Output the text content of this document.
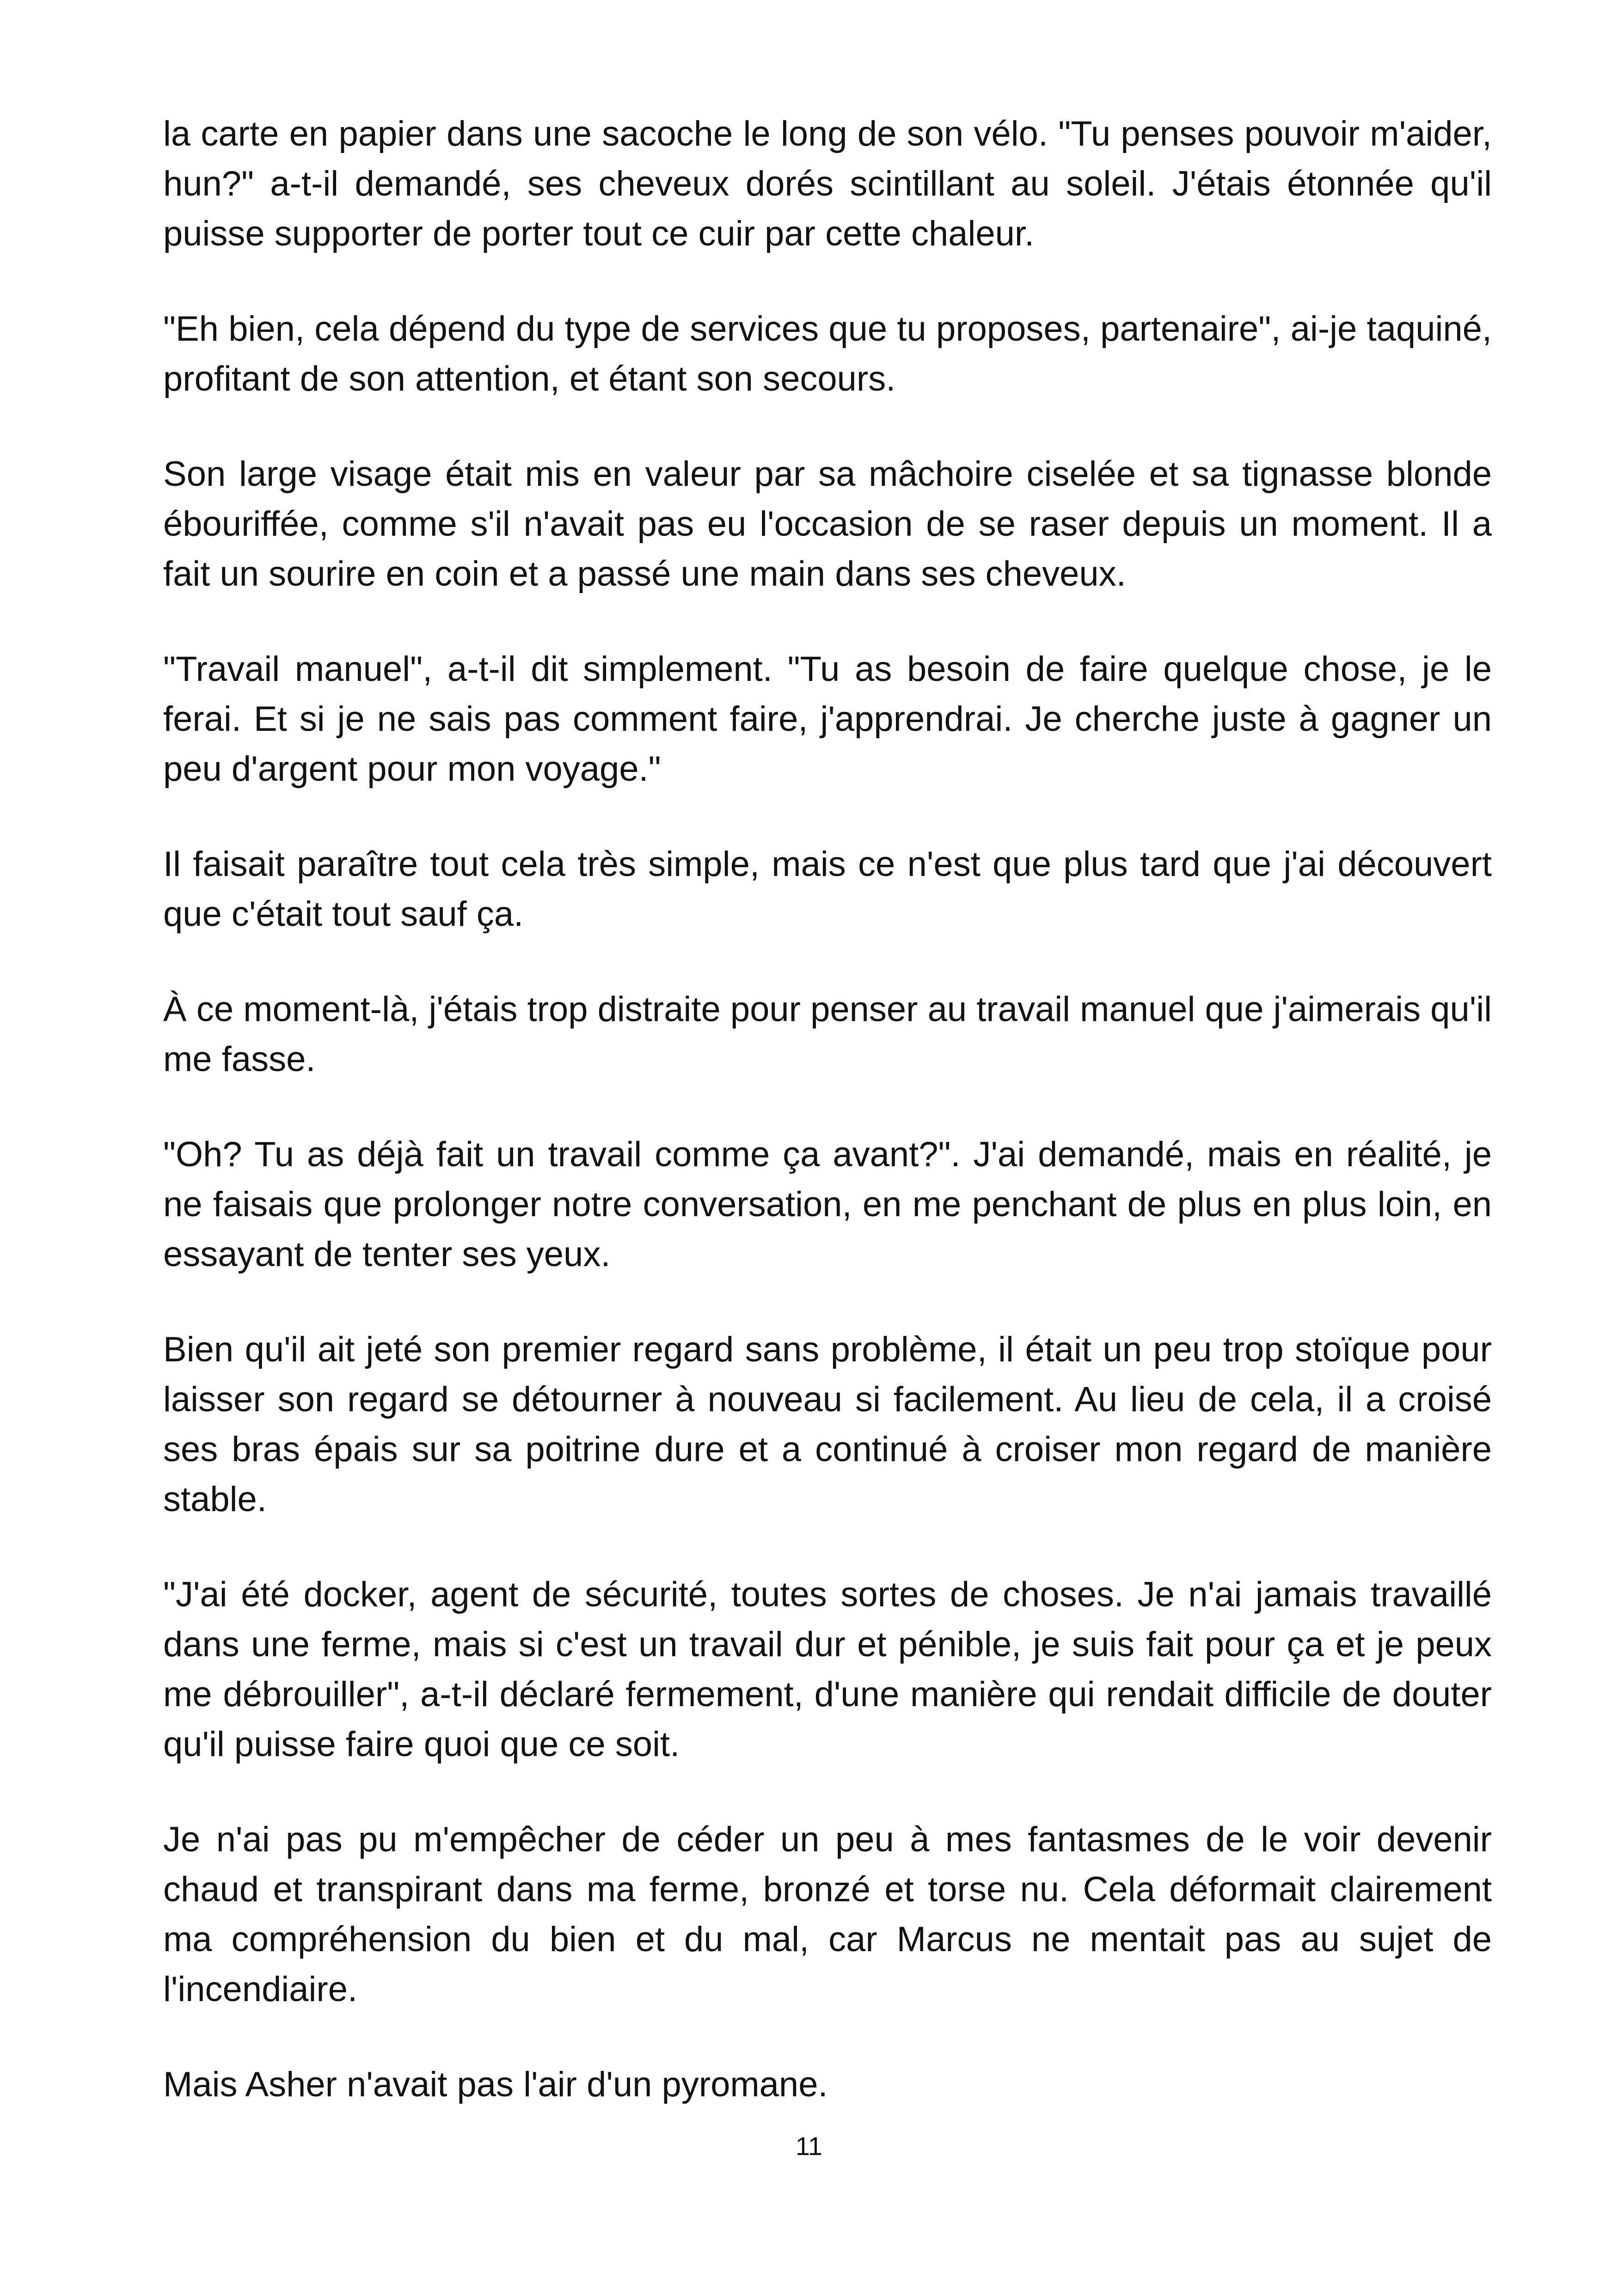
la carte en papier dans une sacoche le long de son vélo. "Tu penses pouvoir m'aider, hun?" a-t-il demandé, ses cheveux dorés scintillant au soleil. J'étais étonnée qu'il puisse supporter de porter tout ce cuir par cette chaleur.

"Eh bien, cela dépend du type de services que tu proposes, partenaire", ai-je taquiné, profitant de son attention, et étant son secours.

Son large visage était mis en valeur par sa mâchoire ciselée et sa tignasse blonde ébouriffée, comme s'il n'avait pas eu l'occasion de se raser depuis un moment. Il a fait un sourire en coin et a passé une main dans ses cheveux.

"Travail manuel", a-t-il dit simplement. "Tu as besoin de faire quelque chose, je le ferai. Et si je ne sais pas comment faire, j'apprendrai. Je cherche juste à gagner un peu d'argent pour mon voyage."

Il faisait paraître tout cela très simple, mais ce n'est que plus tard que j'ai découvert que c'était tout sauf ça.

À ce moment-là, j'étais trop distraite pour penser au travail manuel que j'aimerais qu'il me fasse.

"Oh? Tu as déjà fait un travail comme ça avant?". J'ai demandé, mais en réalité, je ne faisais que prolonger notre conversation, en me penchant de plus en plus loin, en essayant de tenter ses yeux.

Bien qu'il ait jeté son premier regard sans problème, il était un peu trop stoïque pour laisser son regard se détourner à nouveau si facilement. Au lieu de cela, il a croisé ses bras épais sur sa poitrine dure et a continué à croiser mon regard de manière stable.

"J'ai été docker, agent de sécurité, toutes sortes de choses. Je n'ai jamais travaillé dans une ferme, mais si c'est un travail dur et pénible, je suis fait pour ça et je peux me débrouiller", a-t-il déclaré fermement, d'une manière qui rendait difficile de douter qu'il puisse faire quoi que ce soit.

Je n'ai pas pu m'empêcher de céder un peu à mes fantasmes de le voir devenir chaud et transpirant dans ma ferme, bronzé et torse nu. Cela déformait clairement ma compréhension du bien et du mal, car Marcus ne mentait pas au sujet de l'incendiaire.

Mais Asher n'avait pas l'air d'un pyromane.

11
